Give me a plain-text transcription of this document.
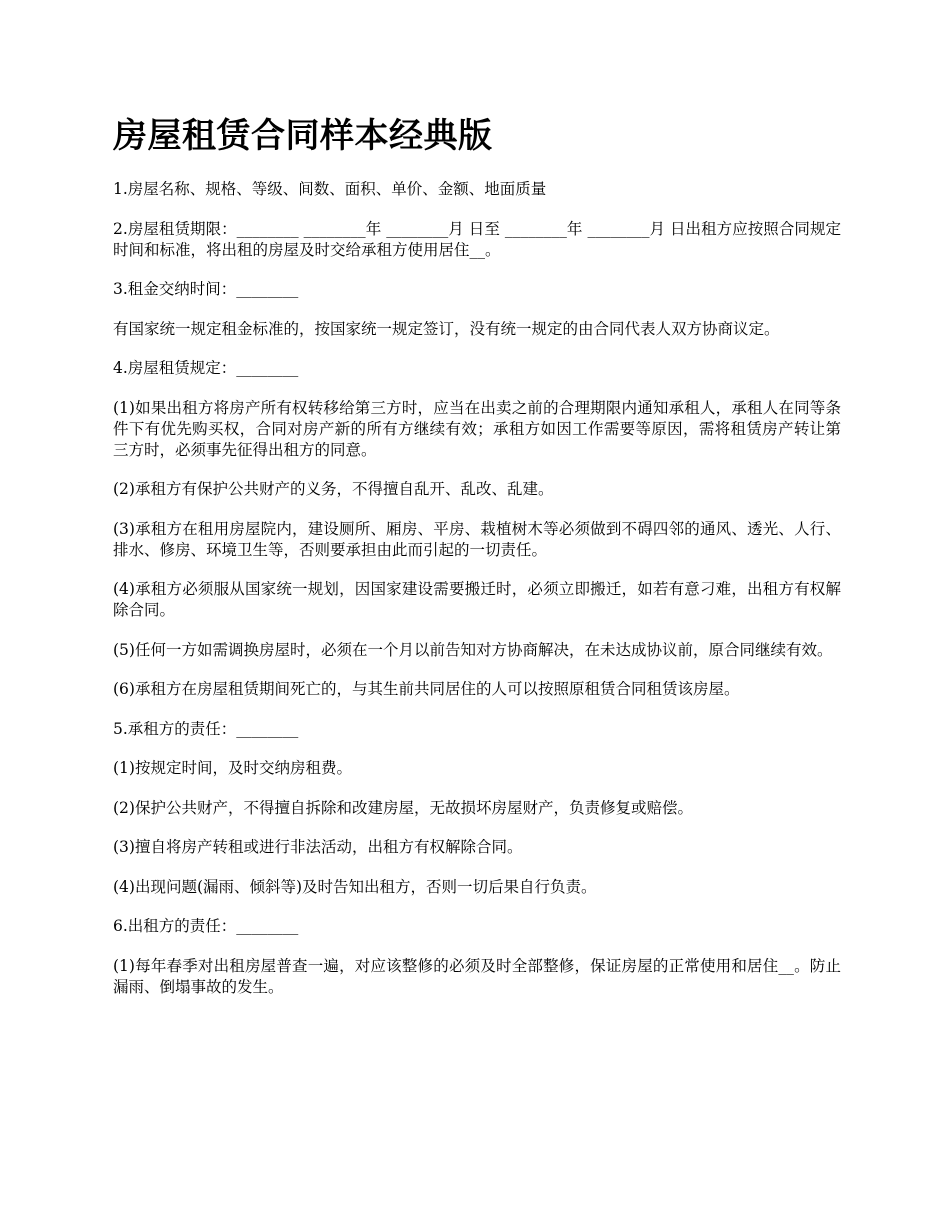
房屋租赁合同样本经典版

1.房屋名称、规格、等级、间数、面积、单价、金额、地面质量

2.房屋租赁期限：________ ________年 ________月 日至 ________年 ________月 日出租方应按照合同规定时间和标准，将出租的房屋及时交给承租方使用居住__。

3.租金交纳时间：________

有国家统一规定租金标准的，按国家统一规定签订，没有统一规定的由合同代表人双方协商议定。

4.房屋租赁规定：________

(1)如果出租方将房产所有权转移给第三方时，应当在出卖之前的合理期限内通知承租人，承租人在同等条件下有优先购买权，合同对房产新的所有方继续有效；承租方如因工作需要等原因，需将租赁房产转让第三方时，必须事先征得出租方的同意。

(2)承租方有保护公共财产的义务，不得擅自乱开、乱改、乱建。

(3)承租方在租用房屋院内，建设厕所、厢房、平房、栽植树木等必须做到不碍四邻的通风、透光、人行、排水、修房、环境卫生等，否则要承担由此而引起的一切责任。

(4)承租方必须服从国家统一规划，因国家建设需要搬迁时，必须立即搬迁，如若有意刁难，出租方有权解除合同。

(5)任何一方如需调换房屋时，必须在一个月以前告知对方协商解决，在未达成协议前，原合同继续有效。

(6)承租方在房屋租赁期间死亡的，与其生前共同居住的人可以按照原租赁合同租赁该房屋。

5.承租方的责任：________

(1)按规定时间，及时交纳房租费。

(2)保护公共财产，不得擅自拆除和改建房屋，无故损坏房屋财产，负责修复或赔偿。

(3)擅自将房产转租或进行非法活动，出租方有权解除合同。

(4)出现问题(漏雨、倾斜等)及时告知出租方，否则一切后果自行负责。

6.出租方的责任：________

(1)每年春季对出租房屋普查一遍，对应该整修的必须及时全部整修，保证房屋的正常使用和居住__。防止漏雨、倒塌事故的发生。
